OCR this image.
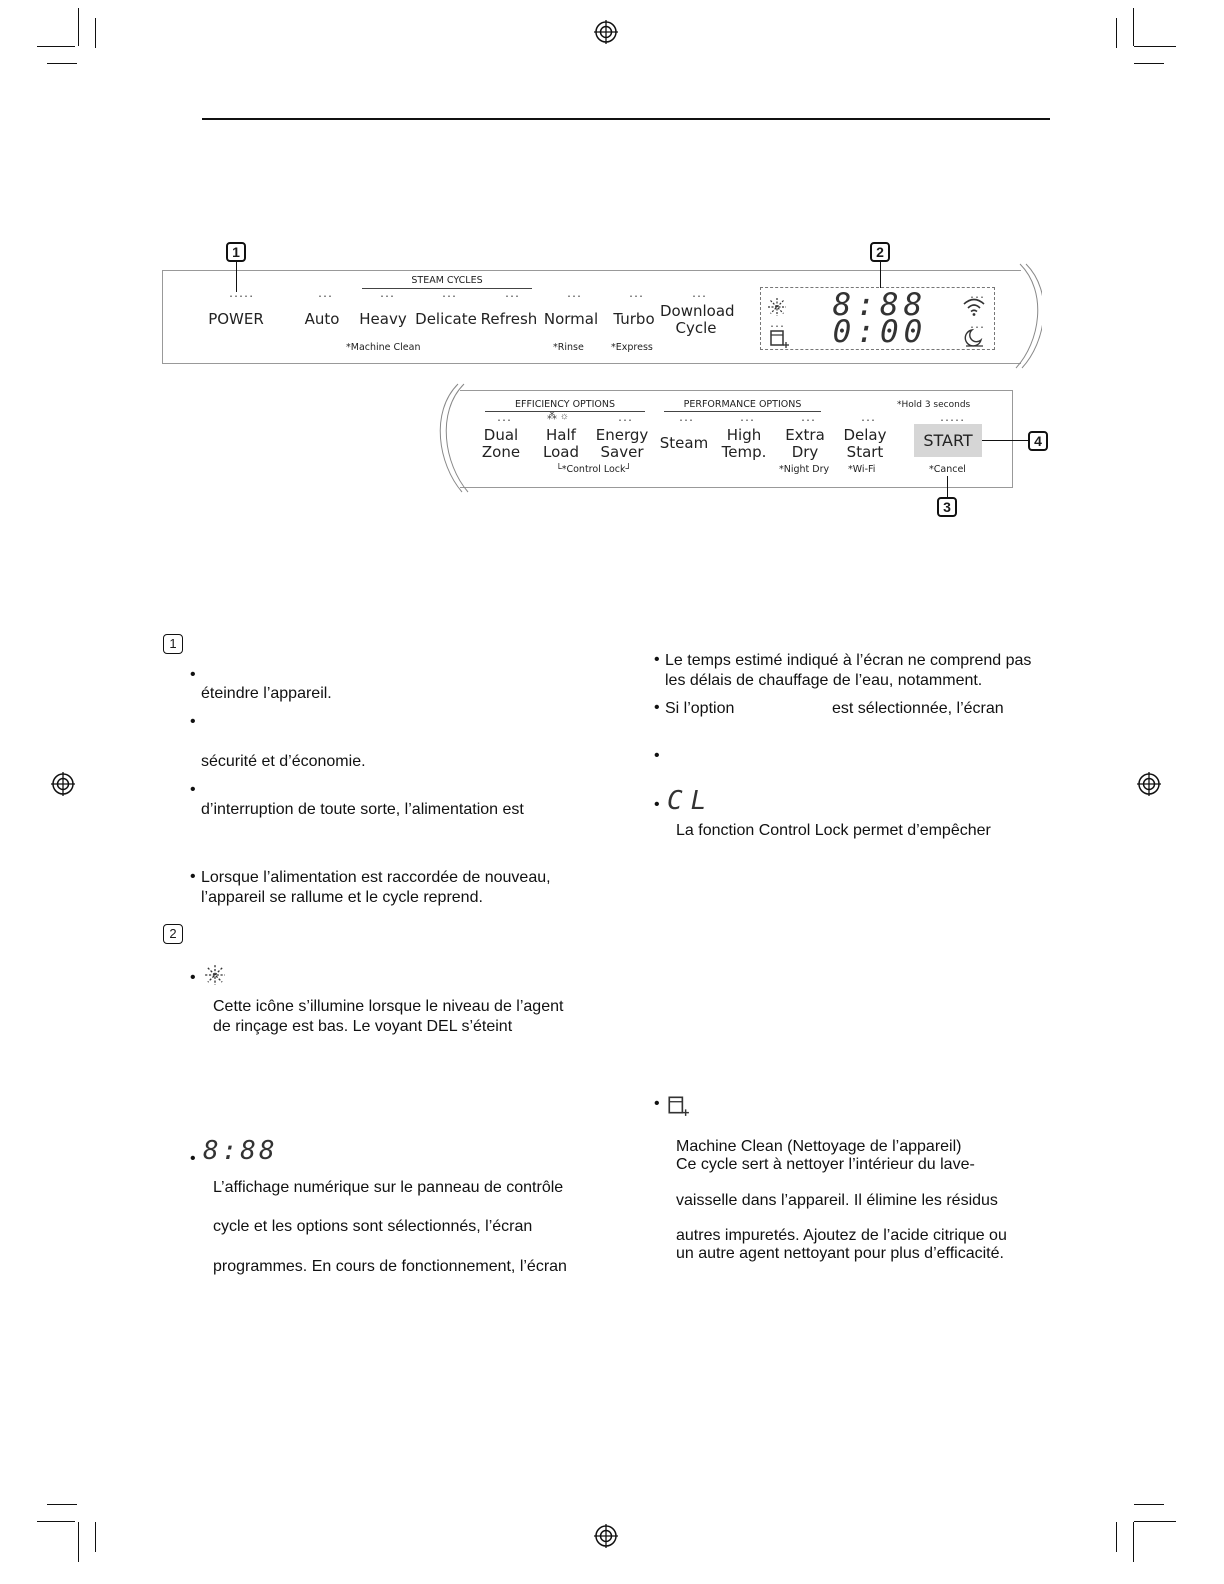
1	2
STEAM CYCLES
.....	...	...	...	...	...	...	...
POWER	Auto	Heavy Delicate Refresh Normal	Turbo Download
Cycle
*Machine Clean	*Rinse	*Express
...
8:88
0:00
...
...
EFFICIENCY OPTIONS	PERFORMANCE OPTIONS	*Hold 3 seconds
...	⁂ ☼	...	...	...	...	...	.....
Dual
Zone
Half
Load
Energy
Saver	Steam	High
Temp.
Extra
Dry
Delay
Start
START
└*Control Lock┘	*Night Dry *Wi-Fi	*Cancel
4
3
1
•
éteindre l’appareil.
•
sécurité et d’économie.
•
d’interruption de toute sorte, l’alimentation est
• Lorsque l’alimentation est raccordée de nouveau,
l’appareil se rallume et le cycle reprend.
2
•
Cette icône s’illumine lorsque le niveau de l’agent
de rinçage est bas. Le voyant DEL s’éteint
• 8:88
L’affichage numérique sur le panneau de contrôle
cycle et les options sont sélectionnés, l’écran
programmes. En cours de fonctionnement, l’écran
• Le temps estimé indiqué à l’écran ne comprend pas
les délais de chauffage de l’eau, notamment.
• Si l’option	est sélectionnée, l’écran
•
• CL
La fonction Control Lock permet d’empêcher
•
Machine Clean (Nettoyage de l’appareil)
Ce cycle sert à nettoyer l’intérieur du lave-
vaisselle dans l’appareil. Il élimine les résidus
autres impuretés. Ajoutez de l’acide citrique ou
un autre agent nettoyant pour plus d’efficacité.
